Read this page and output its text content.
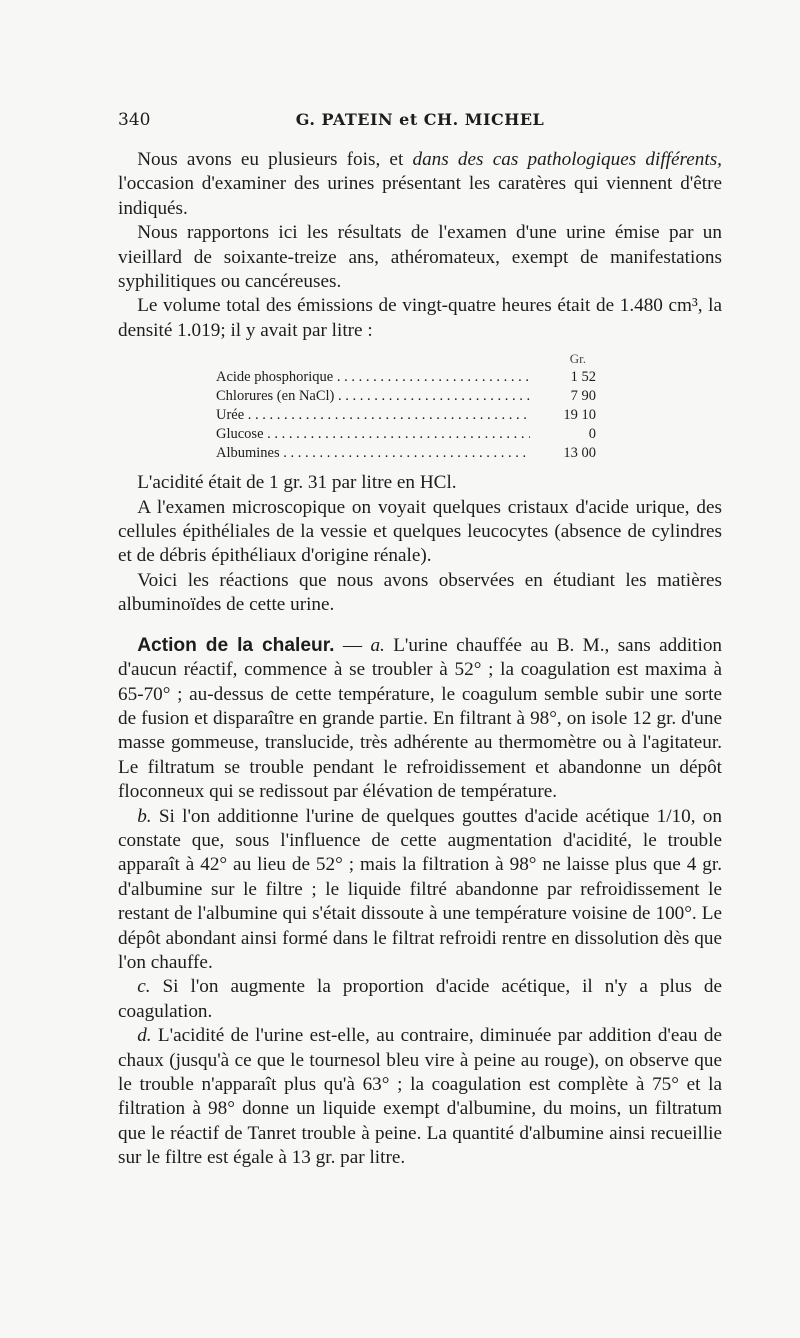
340	G. PATEIN et CH. MICHEL

 Nous avons eu plusieurs fois, et dans des cas pathologiques différents, l'occasion d'examiner des urines présentant les caratères qui viennent d'être indiqués.

 Nous rapportons ici les résultats de l'examen d'une urine émise par un vieillard de soixante-treize ans, athéromateux, exempt de manifestations syphilitiques ou cancéreuses.

 Le volume total des émissions de vingt-quatre heures était de 1.480 cm³, la densité 1.019; il y avait par litre :

Gr.
Acide phosphorique . . .	1 52
Chlorures (en NaCl) . . .	7 90
Urée . . .	19 10
Glucose . . .	0
Albumines . . .	13 00

 L'acidité était de 1 gr. 31 par litre en HCl.

 A l'examen microscopique on voyait quelques cristaux d'acide urique, des cellules épithéliales de la vessie et quelques leucocytes (absence de cylindres et de débris épithéliaux d'origine rénale).

 Voici les réactions que nous avons observées en étudiant les matières albuminoïdes de cette urine.

 Action de la chaleur. — a. L'urine chauffée au B. M., sans addition d'aucun réactif, commence à se troubler à 52° ; la coagulation est maxima à 65-70° ; au-dessus de cette température, le coagulum semble subir une sorte de fusion et disparaître en grande partie. En filtrant à 98°, on isole 12 gr. d'une masse gommeuse, translucide, très adhérente au thermomètre ou à l'agitateur. Le filtratum se trouble pendant le refroidissement et abandonne un dépôt floconneux qui se redissout par élévation de température.

 b. Si l'on additionne l'urine de quelques gouttes d'acide acétique 1/10, on constate que, sous l'influence de cette augmentation d'acidité, le trouble apparaît à 42° au lieu de 52° ; mais la filtration à 98° ne laisse plus que 4 gr. d'albumine sur le filtre ; le liquide filtré abandonne par refroidissement le restant de l'albumine qui s'était dissoute à une température voisine de 100°. Le dépôt abondant ainsi formé dans le filtrat refroidi rentre en dissolution dès que l'on chauffe.

 c. Si l'on augmente la proportion d'acide acétique, il n'y a plus de coagulation.

 d. L'acidité de l'urine est-elle, au contraire, diminuée par addition d'eau de chaux (jusqu'à ce que le tournesol bleu vire à peine au rouge), on observe que le trouble n'apparaît plus qu'à 63° ; la coagulation est complète à 75° et la filtration à 98° donne un liquide exempt d'albumine, du moins, un filtratum que le réactif de Tanret trouble à peine. La quantité d'albumine ainsi recueillie sur le filtre est égale à 13 gr. par litre.
